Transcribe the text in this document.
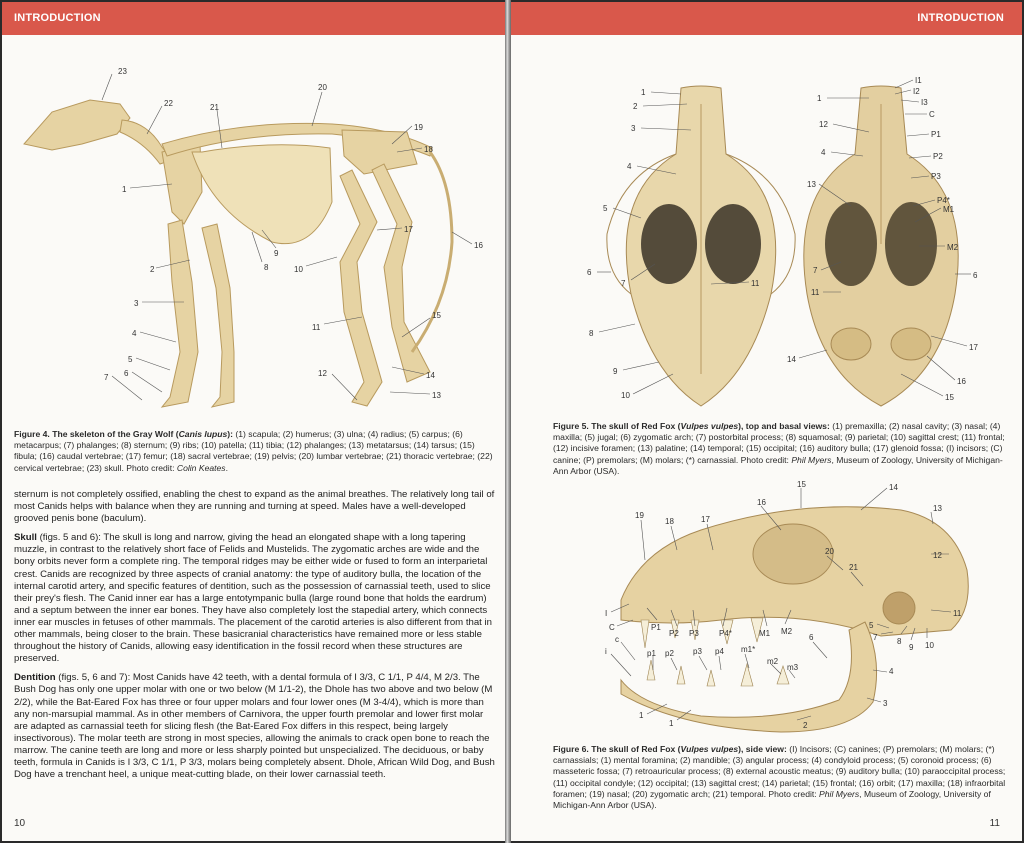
INTRODUCTION
23
22	21
20
19
18
1
2
3
4
5
6
7
8
9
10
11
12
13
14
15
16
17
Figure 4. The skeleton of the Gray Wolf (Canis lupus): (1) scapula; (2) humerus; (3) ulna; (4) radius; (5) carpus; (6) metacarpus; (7) phalanges; (8) sternum; (9) ribs; (10) patella; (11) tibia; (12) phalanges; (13) metatarsus; (14) tarsus; (15) fibula; (16) caudal vertebrae; (17) femur; (18) sacral vertebrae; (19) pelvis; (20) lumbar vertebrae; (21) thoracic vertebrae; (22) cervical vertebrae; (23) skull. Photo credit: Colin Keates.

sternum is not completely ossified, enabling the chest to expand as the animal breathes. The relatively long tail of most Canids helps with balance when they are running and turning at speed. Males have a well-developed grooved penis bone (baculum).

Skull (figs. 5 and 6): The skull is long and narrow, giving the head an elongated shape with a long tapering muzzle, in contrast to the relatively short face of Felids and Mustelids. The zygomatic arches are wide and the bony orbits never form a complete ring. The temporal ridges may be either wide or fused to form an interparietal crest. Canids are recognized by three aspects of cranial anatomy: the type of auditory bulla, the location of the internal carotid artery, and specific features of dentition, such as the possession of carnassial teeth, used to slice their prey's flesh. The Canid inner ear has a large entotympanic bulla (large round bone that holds the eardrum) and a septum between the inner ear bones. They have also completely lost the stapedial artery, which connects inner ear muscles in fetuses of other mammals. The placement of the carotid arteries is also different from that in other mammals, being closer to the brain. These basicranial characteristics have remained more or less stable throughout the history of Canids, allowing easy identification in the fossil record when these structures are preserved.

Dentition (figs. 5, 6 and 7): Most Canids have 42 teeth, with a dental formula of I 3/3, C 1/1, P 4/4, M 2/3. The Bush Dog has only one upper molar with one or two below (M 1/1-2), the Dhole has two above and two below (M 2/2), while the Bat-Eared Fox has three or four upper molars and four lower ones (M 3-4/4), which is more than any non-marsupial mammal. As in other members of Carnivora, the upper fourth premolar and lower first molar are adapted as carnassial teeth for slicing flesh (the Bat-Eared Fox differs in this respect, being largely insectivorous). The molar teeth are strong in most species, allowing the animals to crack open bone to reach the marrow. The canine teeth are long and more or less sharply pointed but unspecialized. The deciduous, or baby teeth, formula in Canids is I 3/3, C 1/1, P 3/3, molars being completely absent. Dhole, African Wild Dog, and Bush Dog have a trenchant heel, a unique meat-cutting blade, on their lower carnassial teeth.

10
INTRODUCTION
1
2
3
4
5
6
7
8
9
10
11
1
12
4
13
7
11
14
I1
I2
I3
C
P1
P2
P3
P4*
M1
M2
6
17
16
15
Figure 5. The skull of Red Fox (Vulpes vulpes), top and basal views: (1) premaxilla; (2) nasal cavity; (3) nasal; (4) maxilla; (5) jugal; (6) zygomatic arch; (7) postorbital process; (8) squamosal; (9) parietal; (10) sagittal crest; (11) frontal; (12) incisive foramen; (13) palatine; (14) temporal; (15) occipital; (16) auditory bulla; (17) glenoid fossa; (I) incisors; (C) canine; (P) premolars; (M) molars; (*) carnassial. Photo credit: Phil Myers, Museum of Zoology, University of Michigan-Ann Arbor (USA).
15	14
16
13
19
18	17
20
21
12
I
C	P1
P2 P3	P4*	M1 M2
11
5
7 8
9 10
c
i	p1 p2 p3 p4 m1*
m2
m3	4
6
3
1
1	2
Figure 6. The skull of Red Fox (Vulpes vulpes), side view: (I) Incisors; (C) canines; (P) premolars; (M) molars; (*) carnassials; (1) mental foramina; (2) mandible; (3) angular process; (4) condyloid process; (5) coronoid process; (6) masseteric fossa; (7) retroauricular process; (8) external acoustic meatus; (9) auditory bulla; (10) paraoccipital process; (11) occipital condyle; (12) occipital; (13) sagittal crest; (14) parietal; (15) frontal; (16) orbit; (17) maxilla; (18) infraorbital foramen; (19) nasal; (20) zygomatic arch; (21) temporal. Photo credit: Phil Myers, Museum of Zoology, University of Michigan-Ann Arbor (USA).
11
